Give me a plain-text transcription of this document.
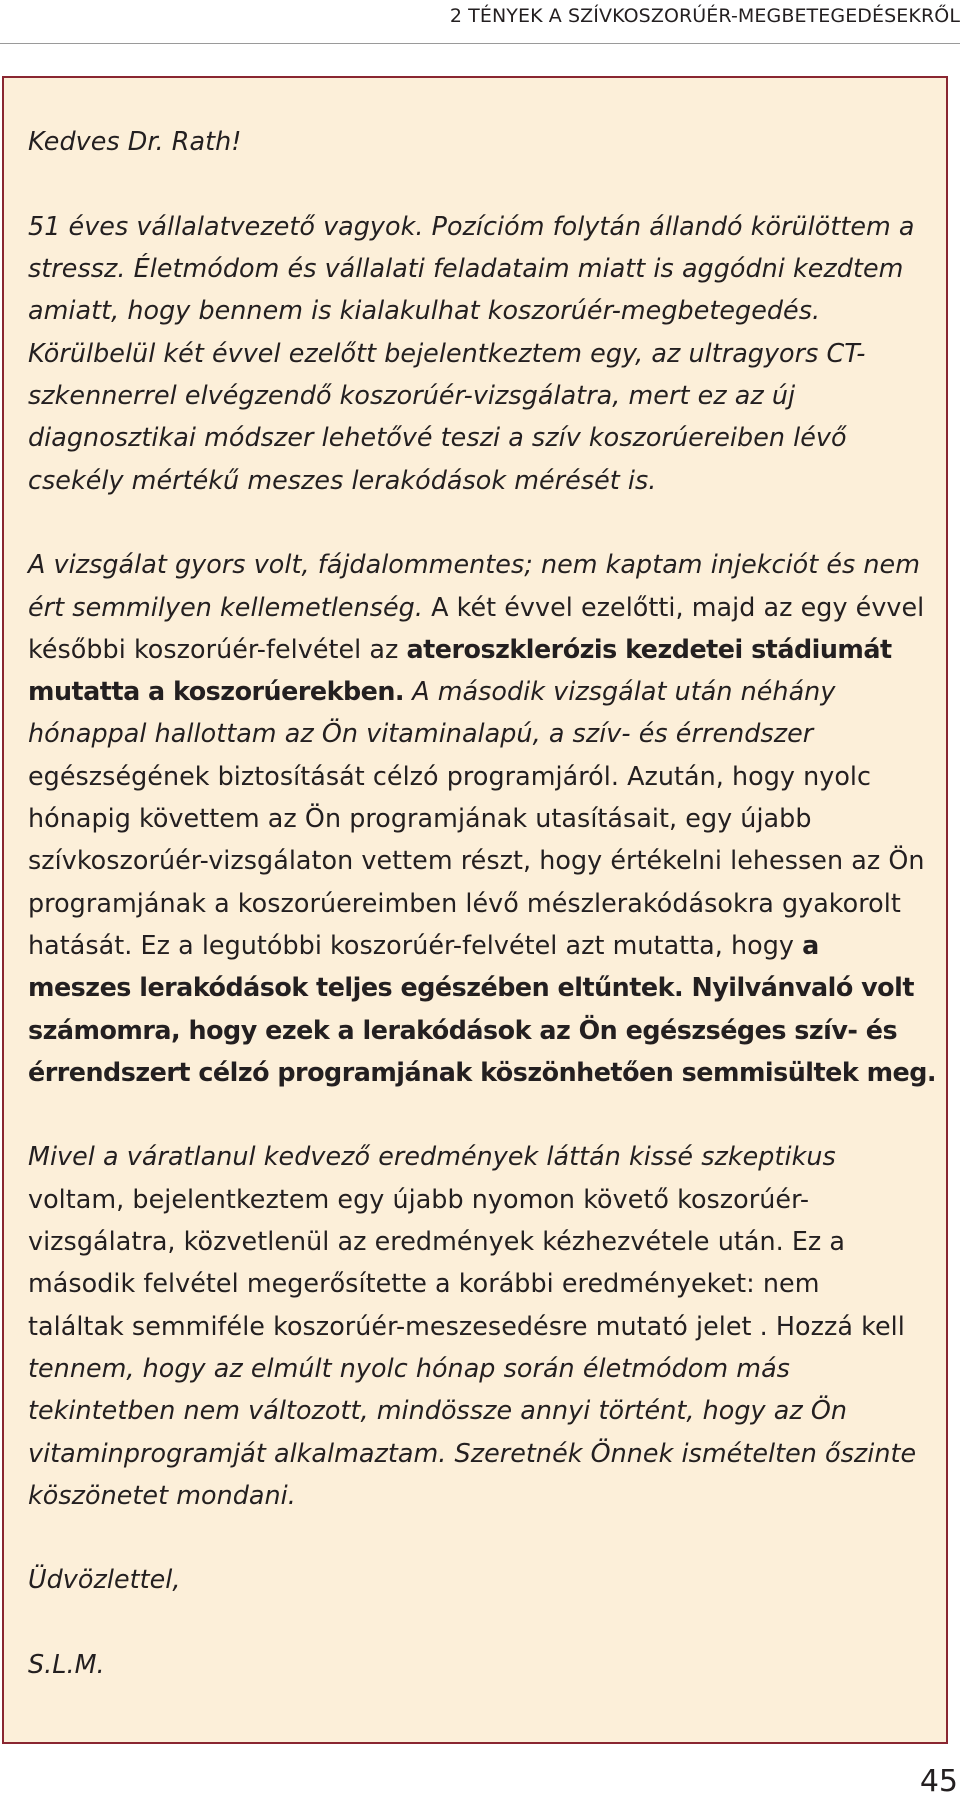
2 TÉNYEK A SZÍVKOSZORÚÉR-MEGBETEGEDÉSEKRŐL
Kedves Dr. Rath!
51 éves vállalatvezető vagyok. Pozícióm folytán állandó körülöttem a
stressz. Életmódom és vállalati feladataim miatt is aggódni kezdtem
amiatt, hogy bennem is kialakulhat koszorúér-megbetegedés.
Körülbelül két évvel ezelőtt bejelentkeztem egy, az ultragyors CT-
szkennerrel elvégzendő koszorúér-vizsgálatra, mert ez az új
diagnosztikai módszer lehetővé teszi a szív koszorúereiben lévő
csekély mértékű meszes lerakódások mérését is.
A vizsgálat gyors volt, fájdalommentes; nem kaptam injekciót és nem
ért semmilyen kellemetlenség. A két évvel ezelőtti, majd az egy évvel
későbbi koszorúér-felvétel az ateroszklerózis kezdetei stádiumát
mutatta a koszorúerekben. A második vizsgálat után néhány
hónappal hallottam az Ön vitaminalapú, a szív- és érrendszer
egészségének biztosítását célzó programjáról. Azután, hogy nyolc
hónapig követtem az Ön programjának utasításait, egy újabb
szívkoszorúér-vizsgálaton vettem részt, hogy értékelni lehessen az Ön
programjának a koszorúereimben lévő mészlerakódásokra gyakorolt
hatását. Ez a legutóbbi koszorúér-felvétel azt mutatta, hogy a
meszes lerakódások teljes egészében eltűntek. Nyilvánvaló volt
számomra, hogy ezek a lerakódások az Ön egészséges szív- és
érrendszert célzó programjának köszönhetően semmisültek meg.
Mivel a váratlanul kedvező eredmények láttán kissé szkeptikus
voltam, bejelentkeztem egy újabb nyomon követő koszorúér-
vizsgálatra, közvetlenül az eredmények kézhezvétele után. Ez a
második felvétel megerősítette a korábbi eredményeket: nem
találtak semmiféle koszorúér-meszesedésre mutató jelet . Hozzá kell
tennem, hogy az elmúlt nyolc hónap során életmódom más
tekintetben nem változott, mindössze annyi történt, hogy az Ön
vitaminprogramját alkalmaztam. Szeretnék Önnek ismételten őszinte
köszönetet mondani.
Üdvözlettel,
S.L.M.
45
